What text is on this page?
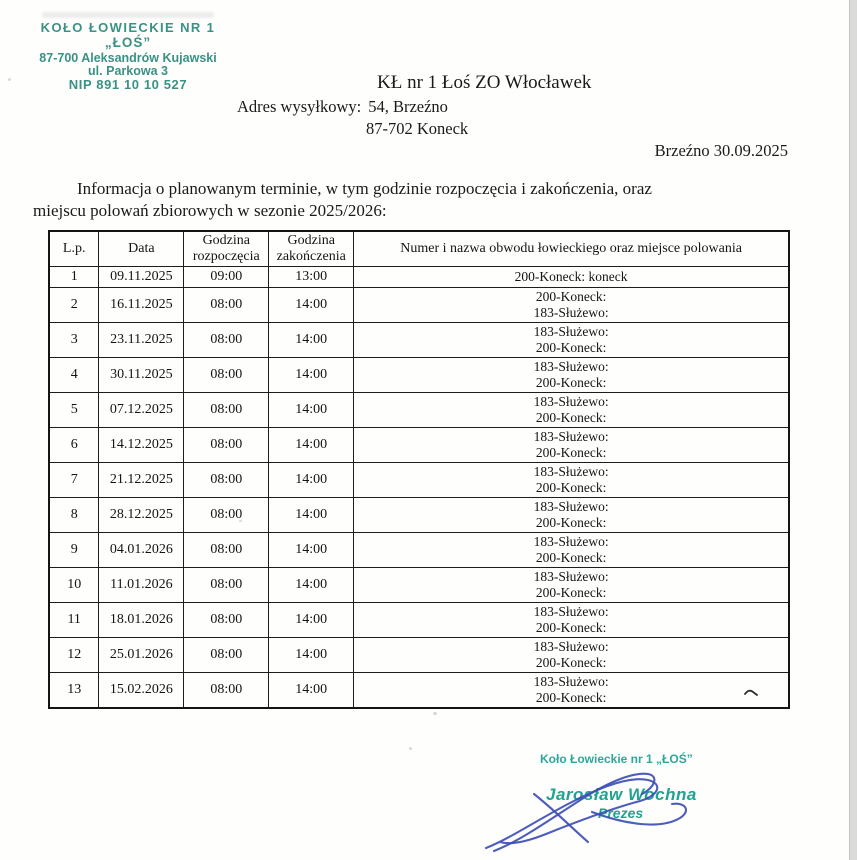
KOŁO ŁOWIECKIE NR 1
„ŁOŚ”
87-700 Aleksandrów Kujawski
ul. Parkowa 3
NIP 891 10 10 527	KŁ nr 1 Łoś ZO Włocławek
Adres wysyłkowy: 54, Brzeźno
87-702 Koneck
Brzeźno 30.09.2025
Informacja o planowanym terminie, w tym godzinie rozpoczęcia i zakończenia, oraz
miejscu polowań zbiorowych w sezonie 2025/2026:
L.p.	Data	Godzina rozpoczęcia	Godzina zakończenia	Numer i nazwa obwodu łowieckiego oraz miejsce polowania
1	09.11.2025	09:00	13:00	200-Koneck: koneck

2	16.11.2025	08:00	14:00	200-Koneck:
183-Służewo:

3	23.11.2025	08:00	14:00	183-Służewo:
200-Koneck:

4	30.11.2025	08:00	14:00	183-Służewo:
200-Koneck:

5	07.12.2025	08:00	14:00	183-Służewo:
200-Koneck:

6	14.12.2025	08:00	14:00	183-Służewo:
200-Koneck:

7	21.12.2025	08:00	14:00	183-Służewo:
200-Koneck:

8	28.12.2025	08:00	14:00	183-Służewo:
200-Koneck:

9	04.01.2026	08:00	14:00	183-Służewo:
200-Koneck:

10	11.01.2026	08:00	14:00	183-Służewo:
200-Koneck:

11	18.01.2026	08:00	14:00	183-Służewo:
200-Koneck:

12	25.01.2026	08:00	14:00	183-Służewo:
200-Koneck:

13	15.02.2026	08:00	14:00	183-Służewo:
200-Koneck:
Koło Łowieckie nr 1 „ŁOŚ”
Jarosław Wochna
Prezes
